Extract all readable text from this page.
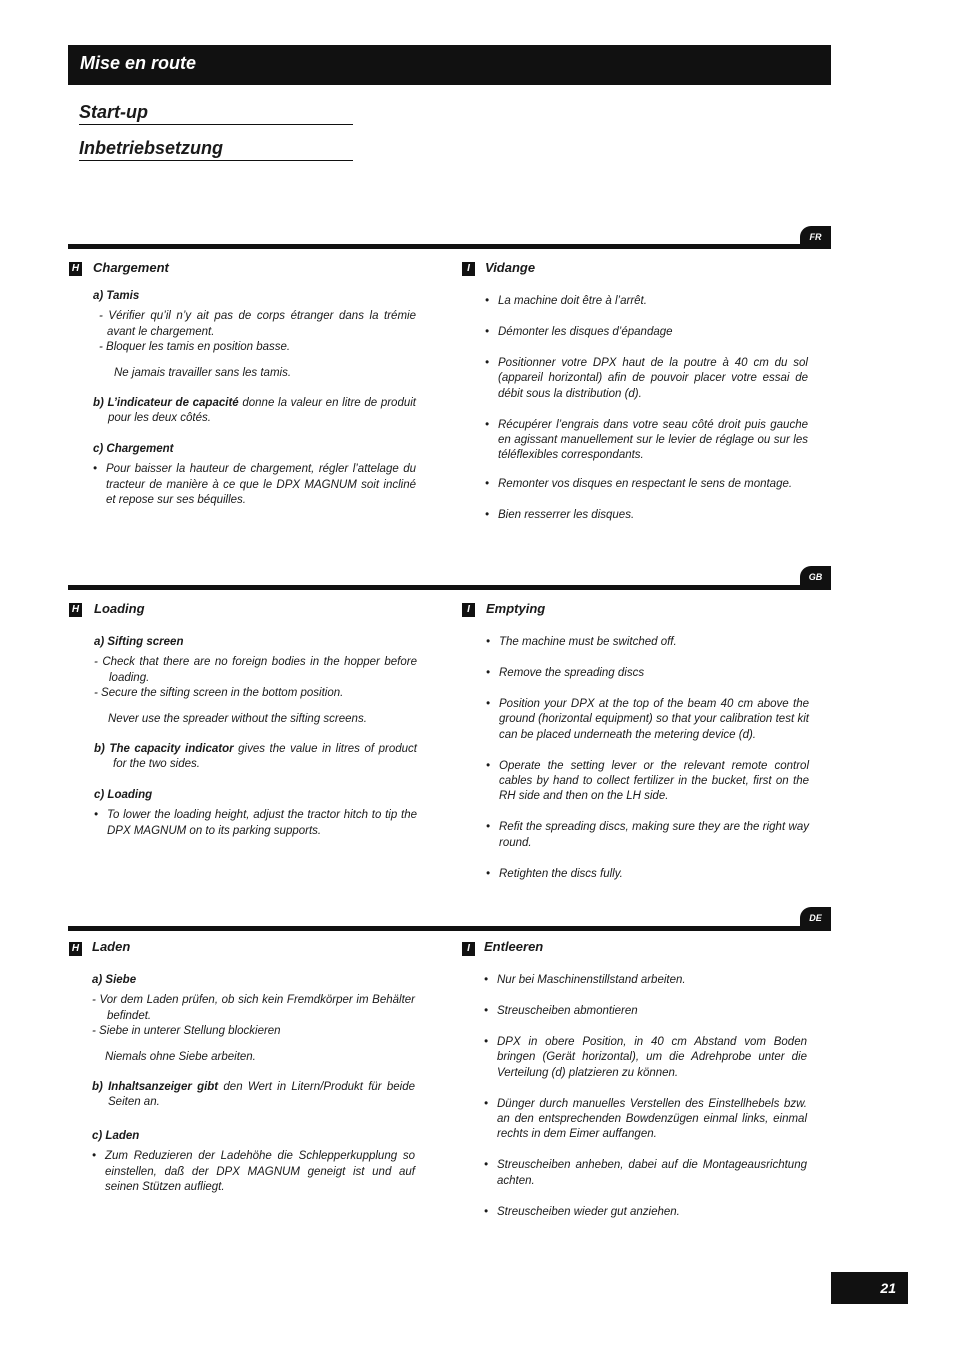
Mise en route
Start-up
Inbetriebsetzung
FR
H Chargement	I	Vidange

a) Tamis

- Vérifier qu’il n’y ait pas de corps étranger dans la trémie avant le chargement.

- Bloquer les tamis en position basse.

Ne jamais travailler sans les tamis.

b) L’indicateur de capacité donne la valeur en litre de produit pour les deux côtés.

c) Chargement

• Pour baisser la hauteur de chargement, régler l’attelage du tracteur de manière à ce que le DPX MAGNUM soit incliné et repose sur ses béquilles.
• La machine doit être à l’arrêt.
• Démonter les disques d’épandage
• Positionner votre DPX haut de la poutre à 40 cm du sol (appareil horizontal) afin de pouvoir placer votre essai de débit sous la distribution (d).
• Récupérer l’engrais dans votre seau côté droit puis gauche en agissant manuellement sur le levier de réglage ou sur les téléflexibles correspondants.
• Remonter vos disques en respectant le sens de montage.
• Bien resserrer les disques.
GB
H Loading	I	Emptying

a) Sifting screen

- Check that there are no foreign bodies in the hopper before loading.

- Secure the sifting screen in the bottom position.

Never use the spreader without the sifting screens.

b) The capacity indicator gives the value in litres of product for the two sides.

c) Loading

• To lower the loading height, adjust the tractor hitch to tip the DPX MAGNUM on to its parking supports.
• The machine must be switched off.
• Remove the spreading discs
• Position your DPX at the top of the beam 40 cm above the ground (horizontal equipment) so that your calibration test kit can be placed underneath the metering device (d).
• Operate the setting lever or the relevant remote control cables by hand to collect fertilizer in the bucket, first on the RH side and then on the LH side.
• Refit the spreading discs, making sure they are the right way round.
• Retighten the discs fully.
DE
H Laden	I	Entleeren

a) Siebe

- Vor dem Laden prüfen, ob sich kein Fremdkörper im Behälter befindet.

- Siebe in unterer Stellung blockieren

Niemals ohne Siebe arbeiten.

b) Inhaltsanzeiger gibt den Wert in Litern/Produkt für beide Seiten an.

c) Laden

• Zum Reduzieren der Ladehöhe die Schlepperkupplung so einstellen, daß der DPX MAGNUM geneigt ist und auf seinen Stützen aufliegt.
• Nur bei Maschinenstillstand arbeiten.
• Streuscheiben abmontieren
• DPX in obere Position, in 40 cm Abstand vom Boden bringen (Gerät horizontal), um die Adrehprobe unter die Verteilung (d) platzieren zu können.
• Dünger durch manuelles Verstellen des Einstellhebels bzw. an den entsprechenden Bowdenzügen einmal links, einmal rechts in dem Eimer auffangen.
• Streuscheiben anheben, dabei auf die Montageausrichtung achten.
• Streuscheiben wieder gut anziehen.
21
